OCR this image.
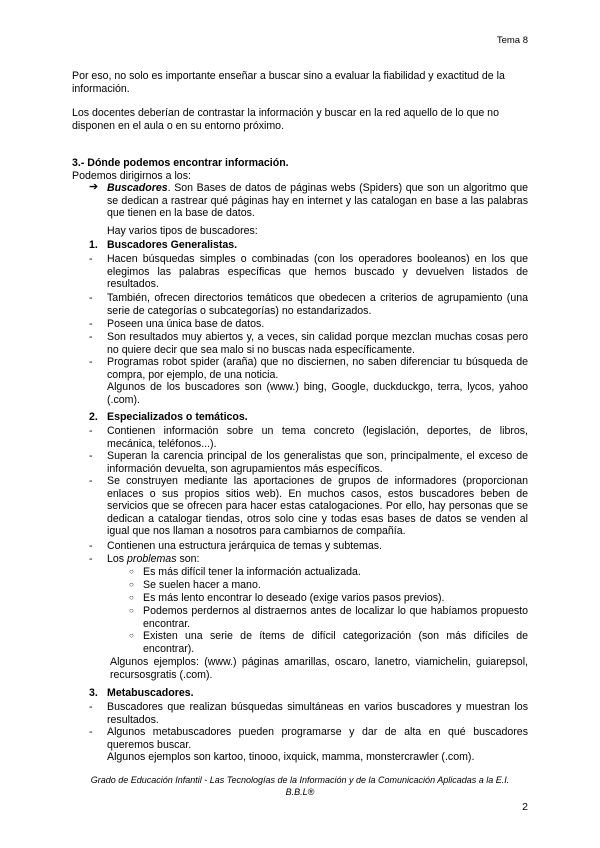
Tema 8
Por eso, no solo es importante enseñar a buscar sino a evaluar la fiabilidad y exactitud de la información.
Los docentes deberían de contrastar la información y buscar en la red aquello de lo que no disponen en el aula o en su entorno próximo.
3.- Dónde podemos encontrar información.
Podemos dirigirnos a los:
➔ Buscadores. Son Bases de datos de páginas webs (Spiders) que son un algoritmo que se dedican a rastrear qué páginas hay en internet y las catalogan en base a las palabras que tienen en la base de datos.
Hay varios tipos de buscadores:
1. Buscadores Generalistas.
- Hacen búsquedas simples o combinadas (con los operadores booleanos) en los que elegimos las palabras específicas que hemos buscado y devuelven listados de resultados.
- También, ofrecen directorios temáticos que obedecen a criterios de agrupamiento (una serie de categorías o subcategorías) no estandarizados.
- Poseen una única base de datos.
- Son resultados muy abiertos y, a veces, sin calidad porque mezclan muchas cosas pero no quiere decir que sea malo si no buscas nada específicamente.
- Programas robot spider (araña) que no disciernen, no saben diferenciar tu búsqueda de compra, por ejemplo, de una noticia.
Algunos de los buscadores son (www.) bing, Google, duckduckgo, terra, lycos, yahoo (.com).
2. Especializados o temáticos.
- Contienen información sobre un tema concreto (legislación, deportes, de libros, mecánica, teléfonos...).
- Superan la carencia principal de los generalistas que son, principalmente, el exceso de información devuelta, son agrupamientos más específicos.
- Se construyen mediante las aportaciones de grupos de informadores (proporcionan enlaces o sus propios sitios web). En muchos casos, estos buscadores beben de servicios que se ofrecen para hacer estas catalogaciones. Por ello, hay personas que se dedican a catalogar tiendas, otros solo cine y todas esas bases de datos se venden al igual que nos llaman a nosotros para cambiarnos de compañía.
- Contienen una estructura jerárquica de temas y subtemas.
- Los problemas son:
○ Es más difícil tener la información actualizada.
○ Se suelen hacer a mano.
○ Es más lento encontrar lo deseado (exige varios pasos previos).
○ Podemos perdernos al distraernos antes de localizar lo que habíamos propuesto encontrar.
○ Existen una serie de ítems de difícil categorización (son más difíciles de encontrar).
Algunos ejemplos: (www.) páginas amarillas, oscaro, lanetro, viamichelin, guiarepsol, recursosgratis (.com).
3. Metabuscadores.
- Buscadores que realizan búsquedas simultáneas en varios buscadores y muestran los resultados.
- Algunos metabuscadores pueden programarse y dar de alta en qué buscadores queremos buscar.
Algunos ejemplos son kartoo, tinooo, ixquick, mamma, monstercrawler (.com).
Grado de Educación Infantil - Las Tecnologías de la Información y de la Comunicación Aplicadas a la E.I.
B.B.L®
2
